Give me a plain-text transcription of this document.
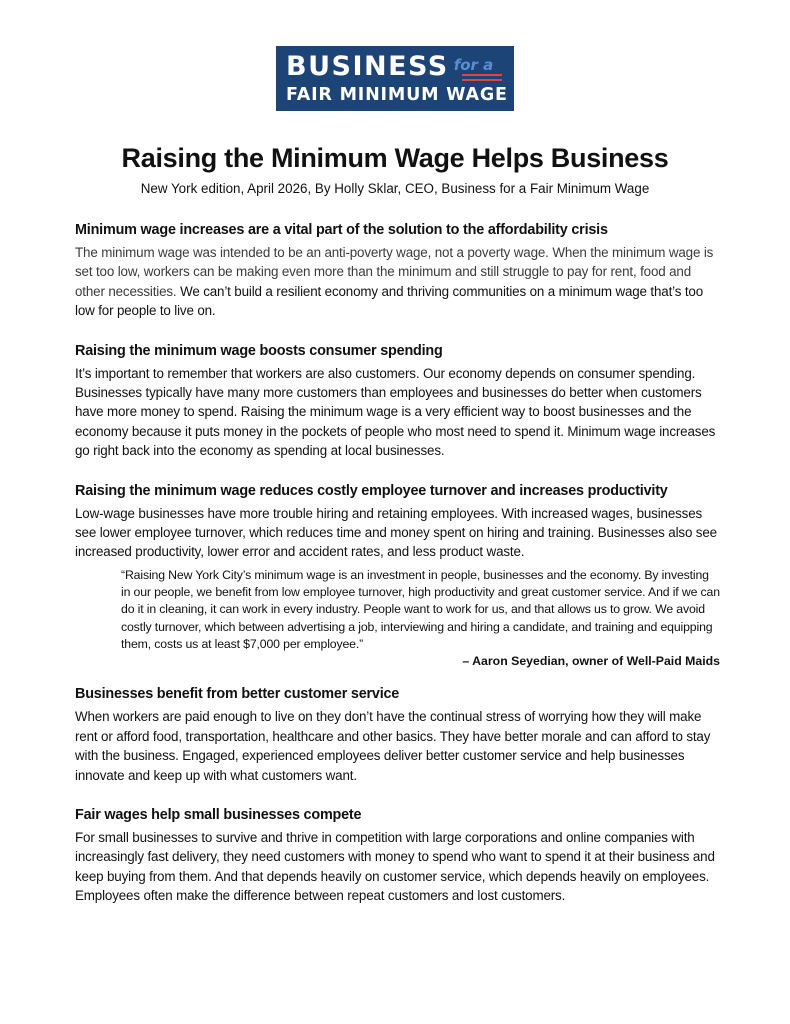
BUSINESS for a
FAIR MINIMUM WAGE
Raising the Minimum Wage Helps Business
New York edition, April 2026, By Holly Sklar, CEO, Business for a Fair Minimum Wage
Minimum wage increases are a vital part of the solution to the affordability crisis

The minimum wage was intended to be an anti-poverty wage, not a poverty wage. When the minimum wage is set too low, workers can be making even more than the minimum and still struggle to pay for rent, food and other necessities. We can’t build a resilient economy and thriving communities on a minimum wage that’s too low for people to live on.

Raising the minimum wage boosts consumer spending

It’s important to remember that workers are also customers. Our economy depends on consumer spending. Businesses typically have many more customers than employees and businesses do better when customers have more money to spend. Raising the minimum wage is a very efficient way to boost businesses and the economy because it puts money in the pockets of people who most need to spend it. Minimum wage increases go right back into the economy as spending at local businesses.

Raising the minimum wage reduces costly employee turnover and increases productivity

Low-wage businesses have more trouble hiring and retaining employees. With increased wages, businesses see lower employee turnover, which reduces time and money spent on hiring and training. Businesses also see increased productivity, lower error and accident rates, and less product waste.

“Raising New York City’s minimum wage is an investment in people, businesses and the economy. By investing in our people, we benefit from low employee turnover, high productivity and great customer service. And if we can do it in cleaning, it can work in every industry. People want to work for us, and that allows us to grow. We avoid costly turnover, which between advertising a job, interviewing and hiring a candidate, and training and equipping them, costs us at least $7,000 per employee.”

– Aaron Seyedian, owner of Well-Paid Maids
Businesses benefit from better customer service

When workers are paid enough to live on they don’t have the continual stress of worrying how they will make rent or afford food, transportation, healthcare and other basics. They have better morale and can afford to stay with the business. Engaged, experienced employees deliver better customer service and help businesses innovate and keep up with what customers want.

Fair wages help small businesses compete

For small businesses to survive and thrive in competition with large corporations and online companies with increasingly fast delivery, they need customers with money to spend who want to spend it at their business and keep buying from them. And that depends heavily on customer service, which depends heavily on employees. Employees often make the difference between repeat customers and lost customers.
